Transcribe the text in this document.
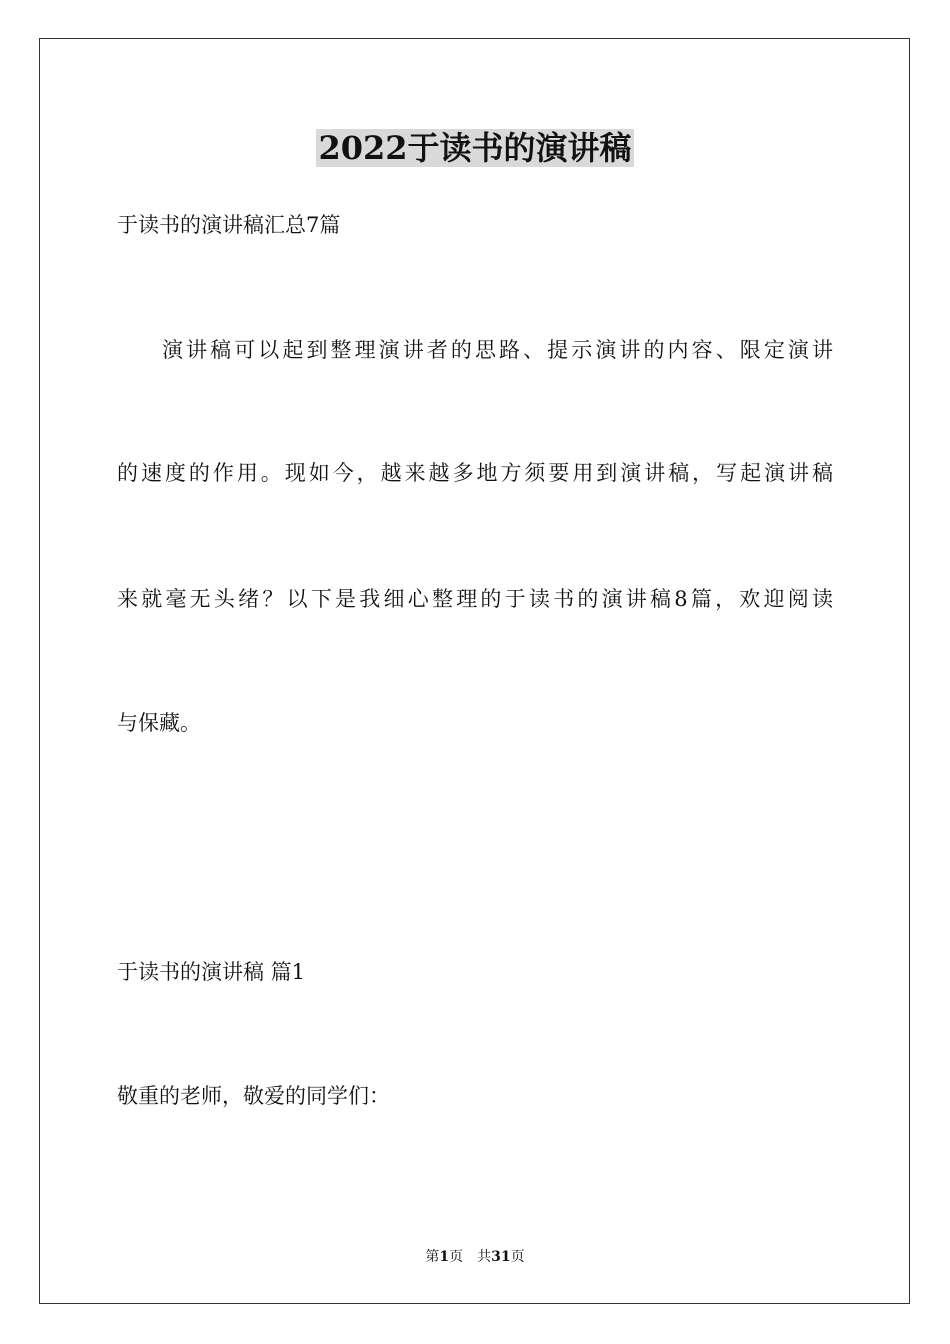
2022于读书的演讲稿
于读书的演讲稿汇总7篇
演讲稿可以起到整理演讲者的思路、提示演讲的内容、限定演讲
的速度的作用。现如今，越来越多地方须要用到演讲稿，写起演讲稿
来就毫无头绪？以下是我细心整理的于读书的演讲稿8篇，欢迎阅读
与保藏。
于读书的演讲稿 篇1
敬重的老师，敬爱的同学们：
第1页　共31页
